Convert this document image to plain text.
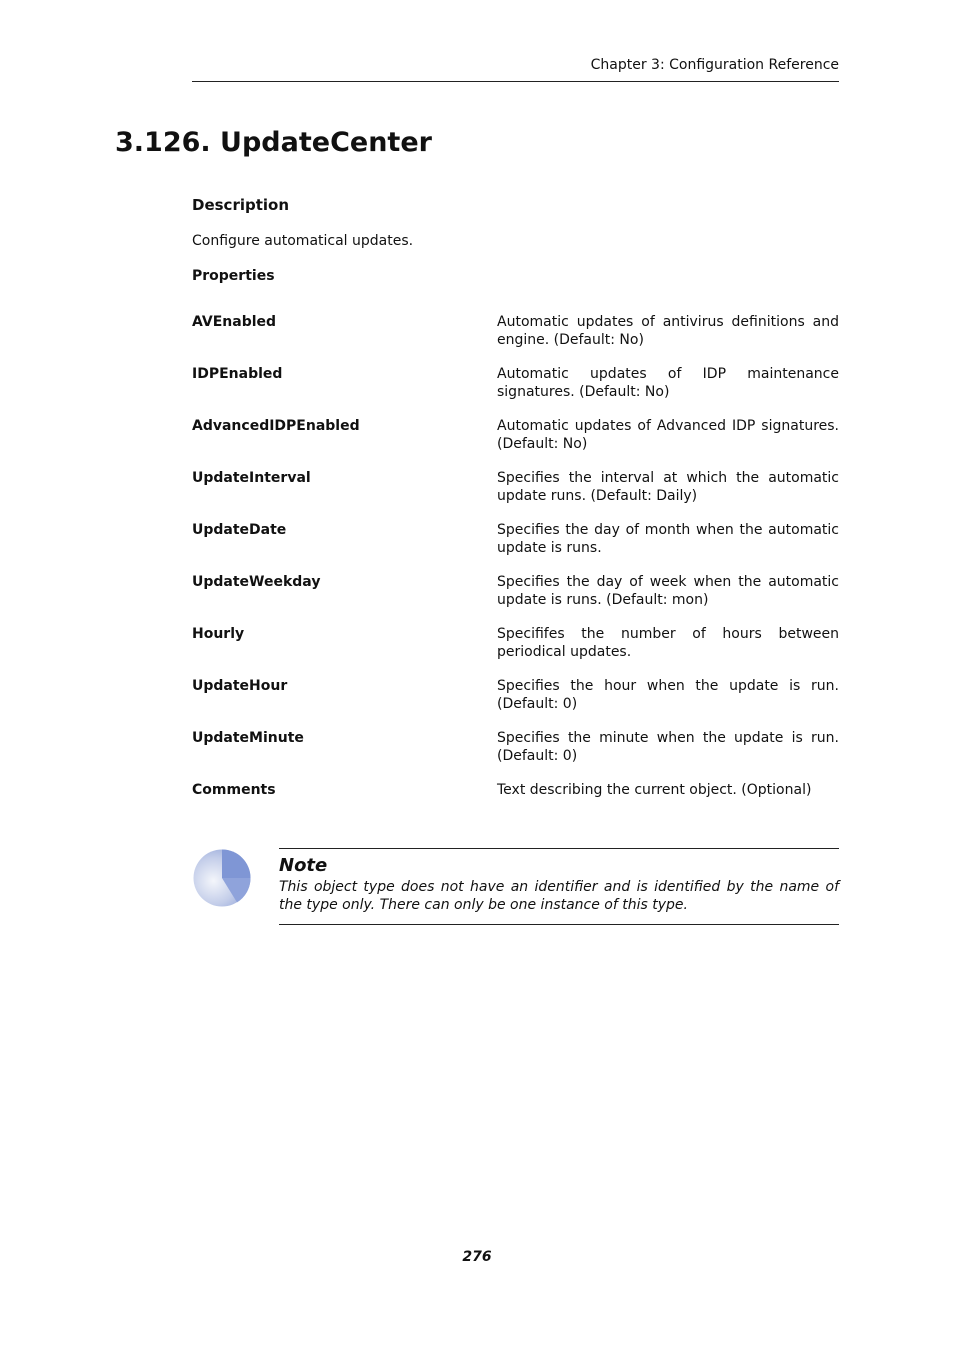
Chapter 3: Configuration Reference
3.126. UpdateCenter
Description
Configure automatical updates.
Properties
AVEnabled	Automatic updates of antivirus definitions and engine. (Default: No)
IDPEnabled	Automatic updates of IDP maintenance signatures. (Default: No)
AdvancedIDPEnabled	Automatic updates of Advanced IDP signatures. (Default: No)
UpdateInterval	Specifies the interval at which the automatic update runs. (Default: Daily)
UpdateDate	Specifies the day of month when the automatic update is runs.
UpdateWeekday	Specifies the day of week when the automatic update is runs. (Default: mon)
Hourly	Specififes the number of hours between periodical updates.
UpdateHour	Specifies the hour when the update is run. (Default: 0)
UpdateMinute	Specifies the minute when the update is run. (Default: 0)
Comments	Text describing the current object. (Optional)
Note
This object type does not have an identifier and is identified by the name of the type only. There can only be one instance of this type.
276
